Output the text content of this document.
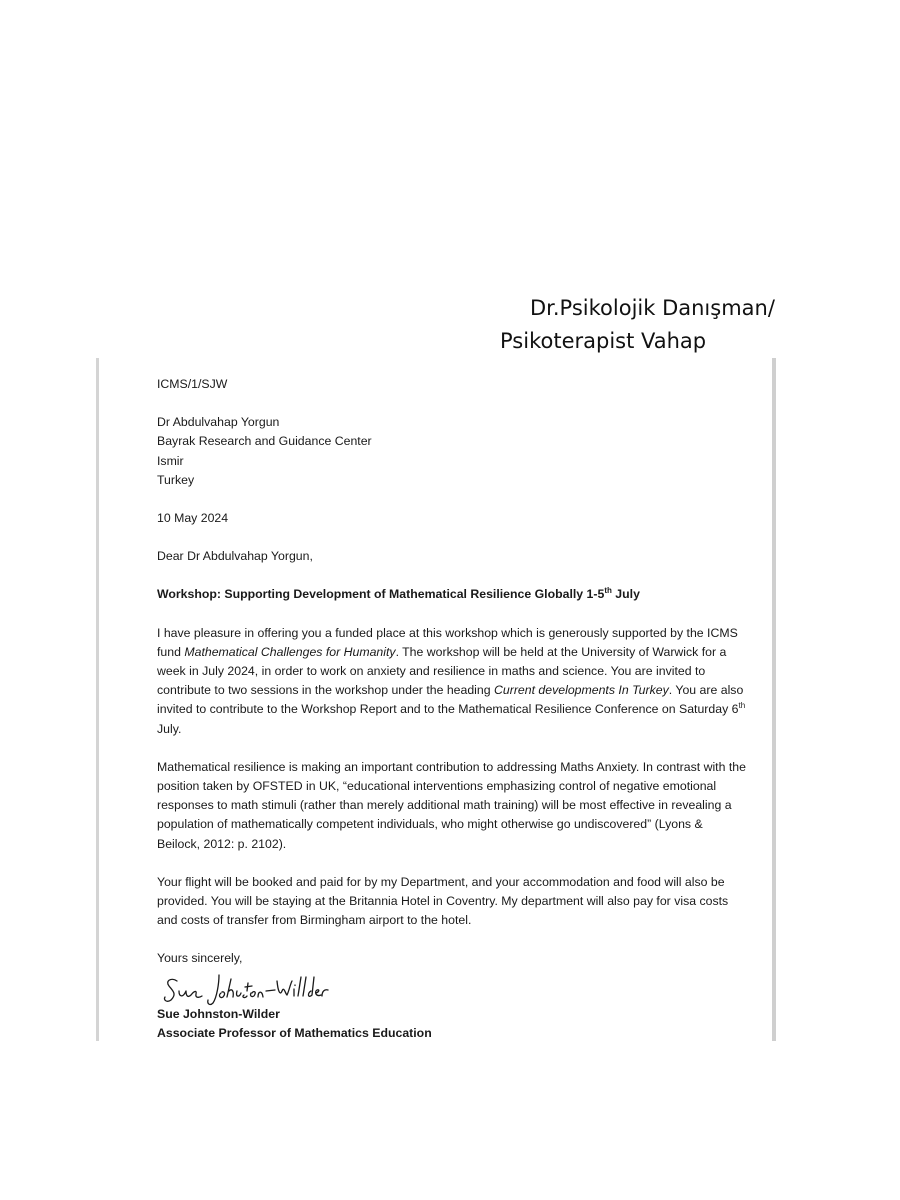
Dr.Psikolojik Danışman/
Psikoterapist Vahap

ICMS/1/SJW

Dr Abdulvahap Yorgun

Bayrak Research and Guidance Center

Ismir

Turkey

10 May 2024

Dear Dr Abdulvahap Yorgun,

Workshop: Supporting Development of Mathematical Resilience Globally 1-5th July

I have pleasure in offering you a funded place at this workshop which is generously supported by the ICMS fund Mathematical Challenges for Humanity. The workshop will be held at the University of Warwick for a week in July 2024, in order to work on anxiety and resilience in maths and science. You are invited to contribute to two sessions in the workshop under the heading Current developments In Turkey. You are also invited to contribute to the Workshop Report and to the Mathematical Resilience Conference on Saturday 6th July.

Mathematical resilience is making an important contribution to addressing Maths Anxiety. In contrast with the position taken by OFSTED in UK, “educational interventions emphasizing control of negative emotional responses to math stimuli (rather than merely additional math training) will be most effective in revealing a population of mathematically competent individuals, who might otherwise go undiscovered” (Lyons & Beilock, 2012: p. 2102).

Your flight will be booked and paid for by my Department, and your accommodation and food will also be provided. You will be staying at the Britannia Hotel in Coventry. My department will also pay for visa costs and costs of transfer from Birmingham airport to the hotel.

Yours sincerely,

Sue Johnston-Wilder

Associate Professor of Mathematics Education
